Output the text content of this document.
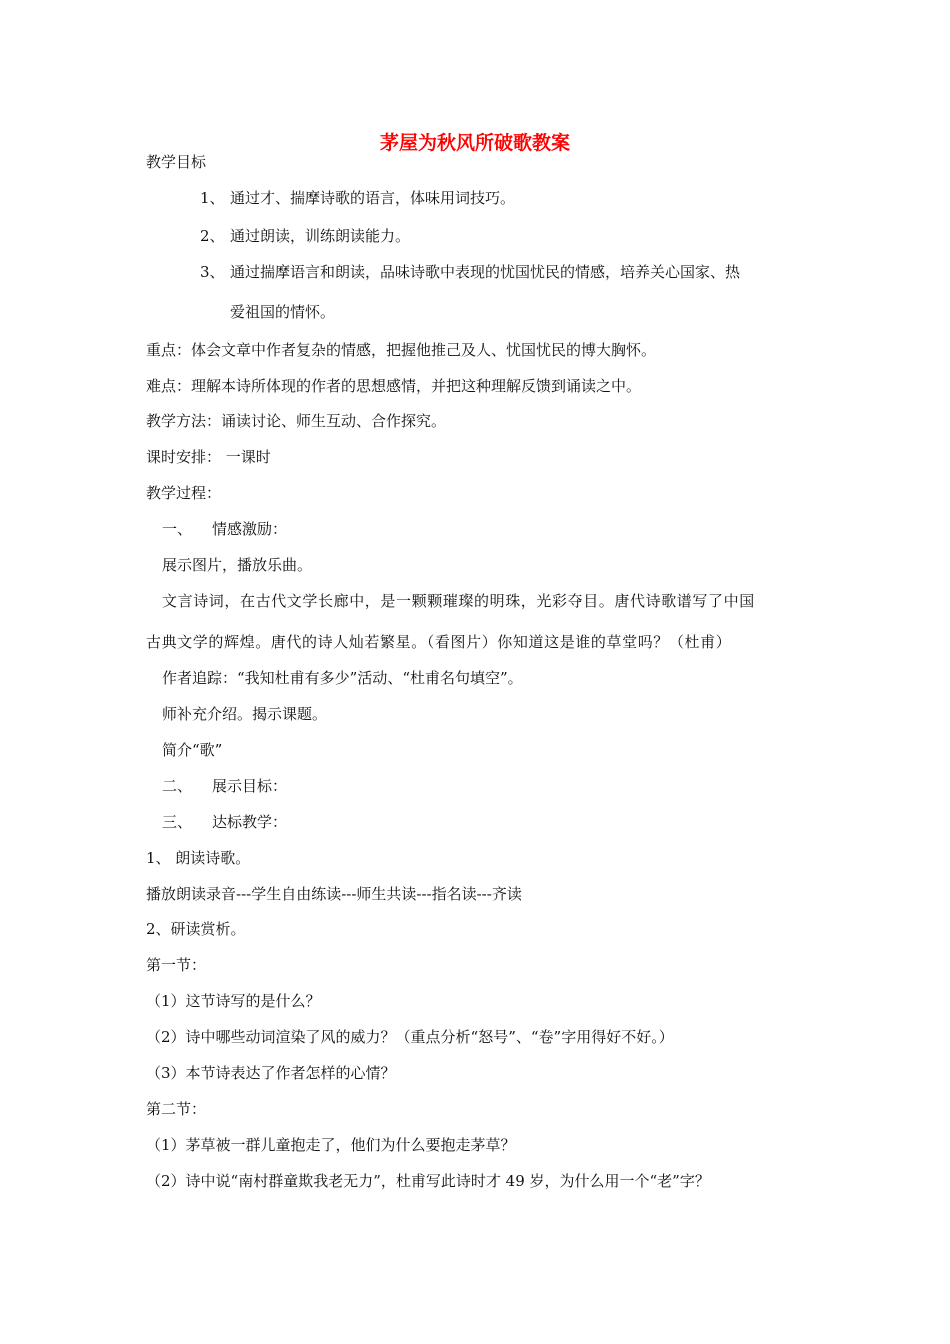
茅屋为秋风所破歌教案
教学目标
1、 通过才、揣摩诗歌的语言，体味用词技巧。
2、 通过朗读，训练朗读能力。
3、 通过揣摩语言和朗读，品味诗歌中表现的忧国忧民的情感，培养关心国家、热
爱祖国的情怀。
重点：体会文章中作者复杂的情感，把握他推己及人、忧国忧民的博大胸怀。
难点：理解本诗所体现的作者的思想感情，并把这种理解反馈到诵读之中。
教学方法：诵读讨论、师生互动、合作探究。
课时安排： 一课时
教学过程：
一、 情感激励：
展示图片，播放乐曲。
文言诗词，在古代文学长廊中，是一颗颗璀璨的明珠，光彩夺目。唐代诗歌谱写了中国
古典文学的辉煌。唐代的诗人灿若繁星。（看图片）你知道这是谁的草堂吗？（杜甫）
作者追踪：“我知杜甫有多少”活动、“杜甫名句填空”。
师补充介绍。揭示课题。
简介“歌”
二、 展示目标：
三、 达标教学：
1、 朗读诗歌。
播放朗读录音---学生自由练读---师生共读---指名读---齐读
2、研读赏析。
第一节：
（1）这节诗写的是什么？
（2）诗中哪些动词渲染了风的威力？（重点分析“怒号”、“卷”字用得好不好。）
（3）本节诗表达了作者怎样的心情？
第二节：
（1）茅草被一群儿童抱走了，他们为什么要抱走茅草？
（2）诗中说“南村群童欺我老无力”，杜甫写此诗时才 49 岁，为什么用一个“老”字？
